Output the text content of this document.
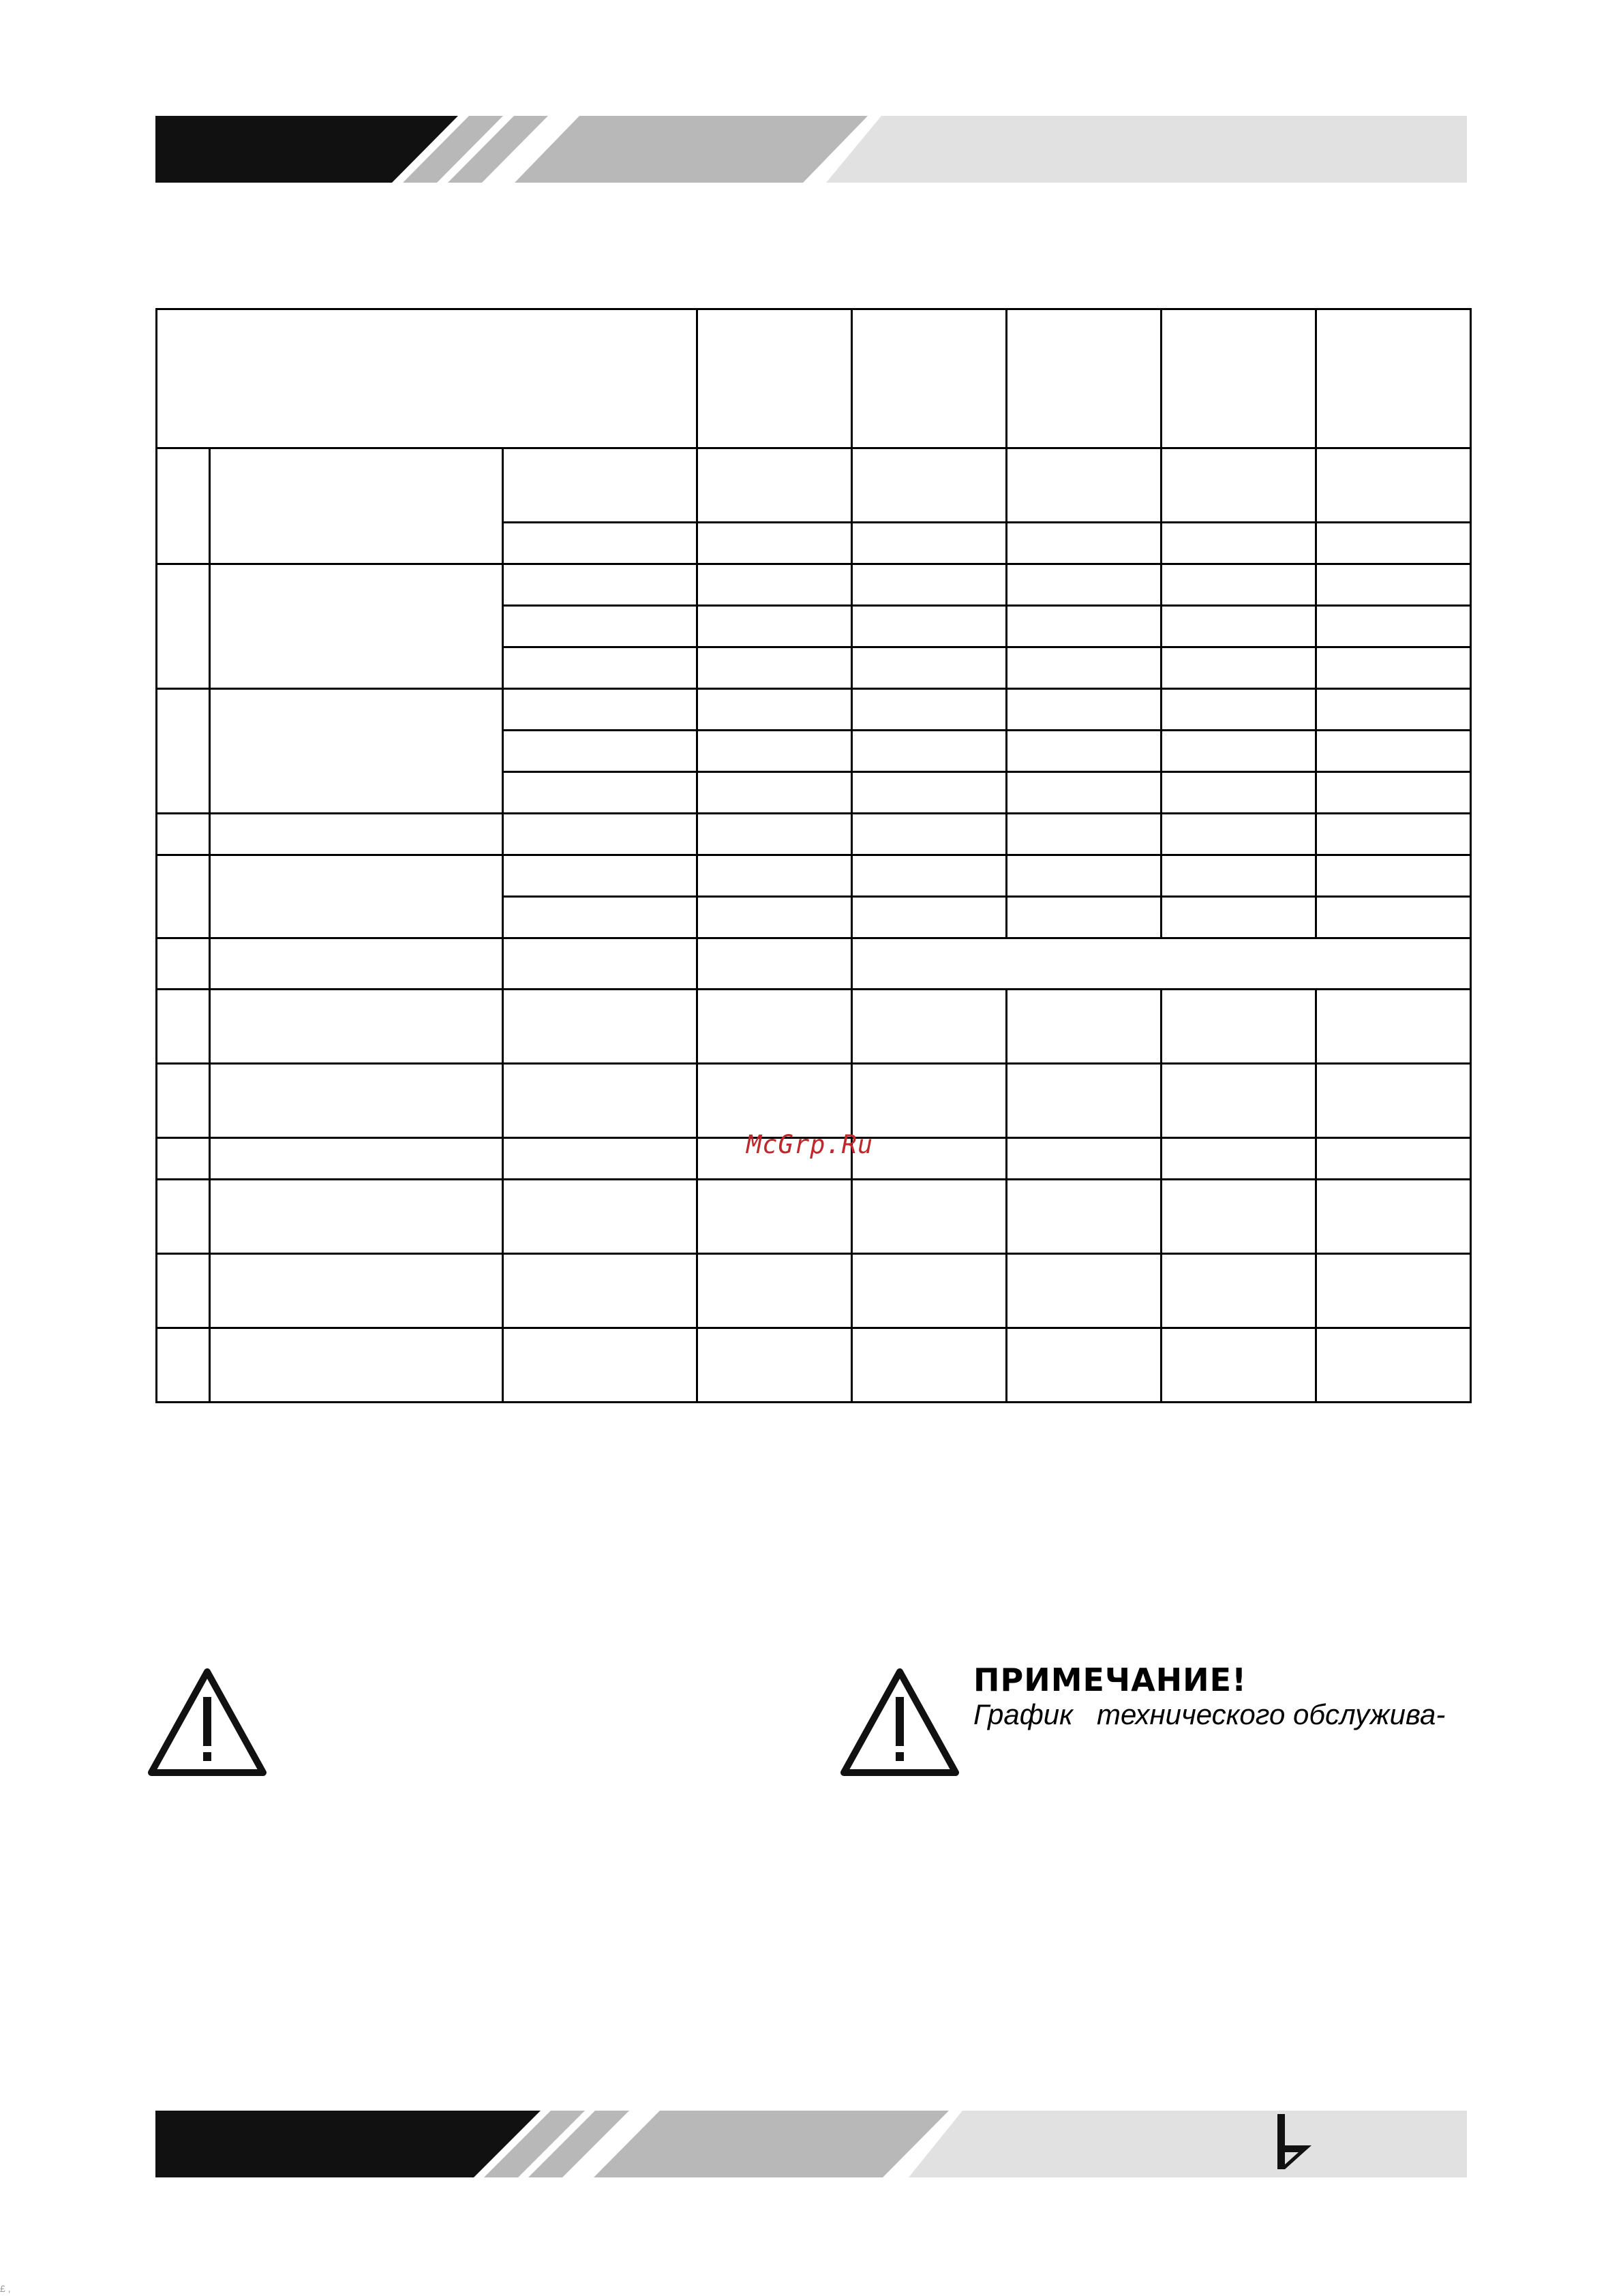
McGrp.Ru
ПРИМЕЧАНИЕ!
График   технического обслужива-
£ ,
